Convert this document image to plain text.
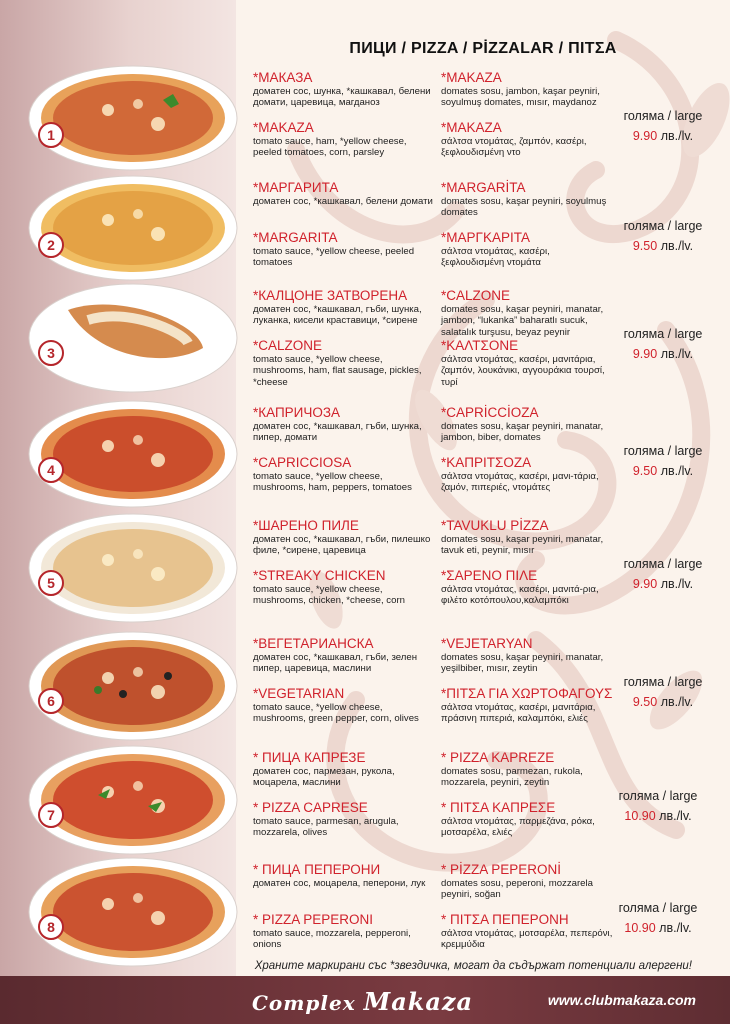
ПИЦИ / PIZZA / PİZZALAR / ΠΙΤΣΑ
1
*МАКАЗА
доматен сос, шунка, *кашкавал, белени домати, царевица, магданоз
*MAKAZA
tomato sauce, ham, *yellow cheese, peeled tomatoes, corn, parsley
*MAKAZA
domates sosu, jambon, kaşar peyniri, soyulmuş domates, mısır, maydanoz
*MAKAZA
σάλτσα ντομάτας, ζαμπόν, κασέρι, ξεφλουδισμένη ντο
голяма / large
9.90 лв./lv.
2
*МАРГАРИТА
доматен сос, *кашкавал, белени домати
*MARGARITA
tomato sauce, *yellow cheese, peeled tomatoes
*MARGARİTA
domates sosu, kaşar peyniri, soyulmuş domates
*ΜΑΡΓΚΑΡΙΤΑ
σάλτσα ντομάτας, κασέρι, ξεφλουδισμένη ντομάτα
голяма / large
9.50 лв./lv.
3
*КАЛЦОНЕ ЗАТВОРЕНА
доматен сос, *кашкавал, гъби, шунка, луканка, кисели краставици, *сирене
*CALZONE
tomato sauce, *yellow cheese, mushrooms, ham, flat sausage, pickles, *cheese
*CALZONE
domates sosu, kaşar peyniri, manatar, jambon, “lukanka” baharatlı sucuk, salatalık turşusu, beyaz peynir
*ΚΑΛΤΣΟΝΕ
σάλτσα ντομάτας, κασέρι, μανιτάρια, ζαμπόν, λουκάνικι, αγγουράκια τουρσί, τυρί
голяма / large
9.90 лв./lv.
4
*КАПРИЧОЗА
доматен сос, *кашкавал, гъби, шунка, пипер, домати
*CAPRICCIOSA
tomato sauce, *yellow cheese, mushrooms, ham, peppers, tomatoes
*CAPRİCCİOZA
domates sosu, kaşar peyniri, manatar, jambon, biber, domates
*ΚΑΠΡΙΤΣΟΖΑ
σάλτσα ντομάτας, κασέρι, μανι-τάρια, ζαμόν, πιπεριές, ντομάτες
голяма / large
9.50 лв./lv.
5
*ШАРЕНО ПИЛЕ
доматен сос, *кашкавал, гъби, пилешко филе, *сирене, царевица
*STREAKY CHICKEN
tomato sauce, *yellow cheese, mushrooms, chicken, *cheese, corn
*TAVUKLU PİZZA
domates sosu, kaşar peyniri, manatar, tavuk eti, peynir, mısır
*ΣΑΡΕΝΟ ΠΙΛΕ
σάλτσα ντομάτας, κασέρι, μανιτά-ρια, φιλέτο κοτόπουλου,καλαμπόκι
голяма / large
9.90 лв./lv.
6
*ВЕГЕТАРИАНСКА
доматен сос, *кашкавал, гъби, зелен пипер, царевица, маслини
*VEGETARIAN
tomato sauce, *yellow cheese, mushrooms, green pepper, corn, olives
*VEJETARYAN
domates sosu, kaşar peyniri, manatar, yeşilbiber, mısır, zeytin
*ΠΙΤΣΑ ΓΙΑ ΧΩΡΤΟΦΑΓΟΥΣ
σάλτσα ντομάτας, κασέρι, μανιτάρια, πράσινη πιπεριά, καλαμπόκι, ελιές
голяма / large
9.50 лв./lv.
7
* ПИЦА КАПРЕЗЕ
доматен сос, пармезан, рукола, моцарела, маслини
* PIZZA CAPRESE
tomato sauce, parmesan, arugula, mozzarela, olives
* PIZZA KAPREZE
domates sosu, parmezan, rukola, mozzarela, peyniri, zeytin
* ΠΙΤΣΑ ΚΑΠΡΕΣΕ
σάλτσα ντομάτας, παρμεζάνα, ρόκα, μοτσαρέλα, ελιές
голяма / large
10.90 лв./lv.
8
* ПИЦА ПЕПЕРОНИ
доматен сос, моцарела, пеперони, лук
* PIZZA PEPERONI
tomato sauce, mozzarela, pepperoni, onions
* PİZZA PEPERONİ
domates sosu, peperoni, mozzarela peyniri, soğan
* ΠΙΤΣΑ ΠΕΠΕΡΟΝΗ
σάλτσα ντομάτας, μοτσαρέλα, πεπερόνι, κρεμμύδια
голяма / large
10.90 лв./lv.
Храните маркирани със *звездичка, могат да съдържат потенциали алергени!
Complex Makaza	www.clubmakaza.com
